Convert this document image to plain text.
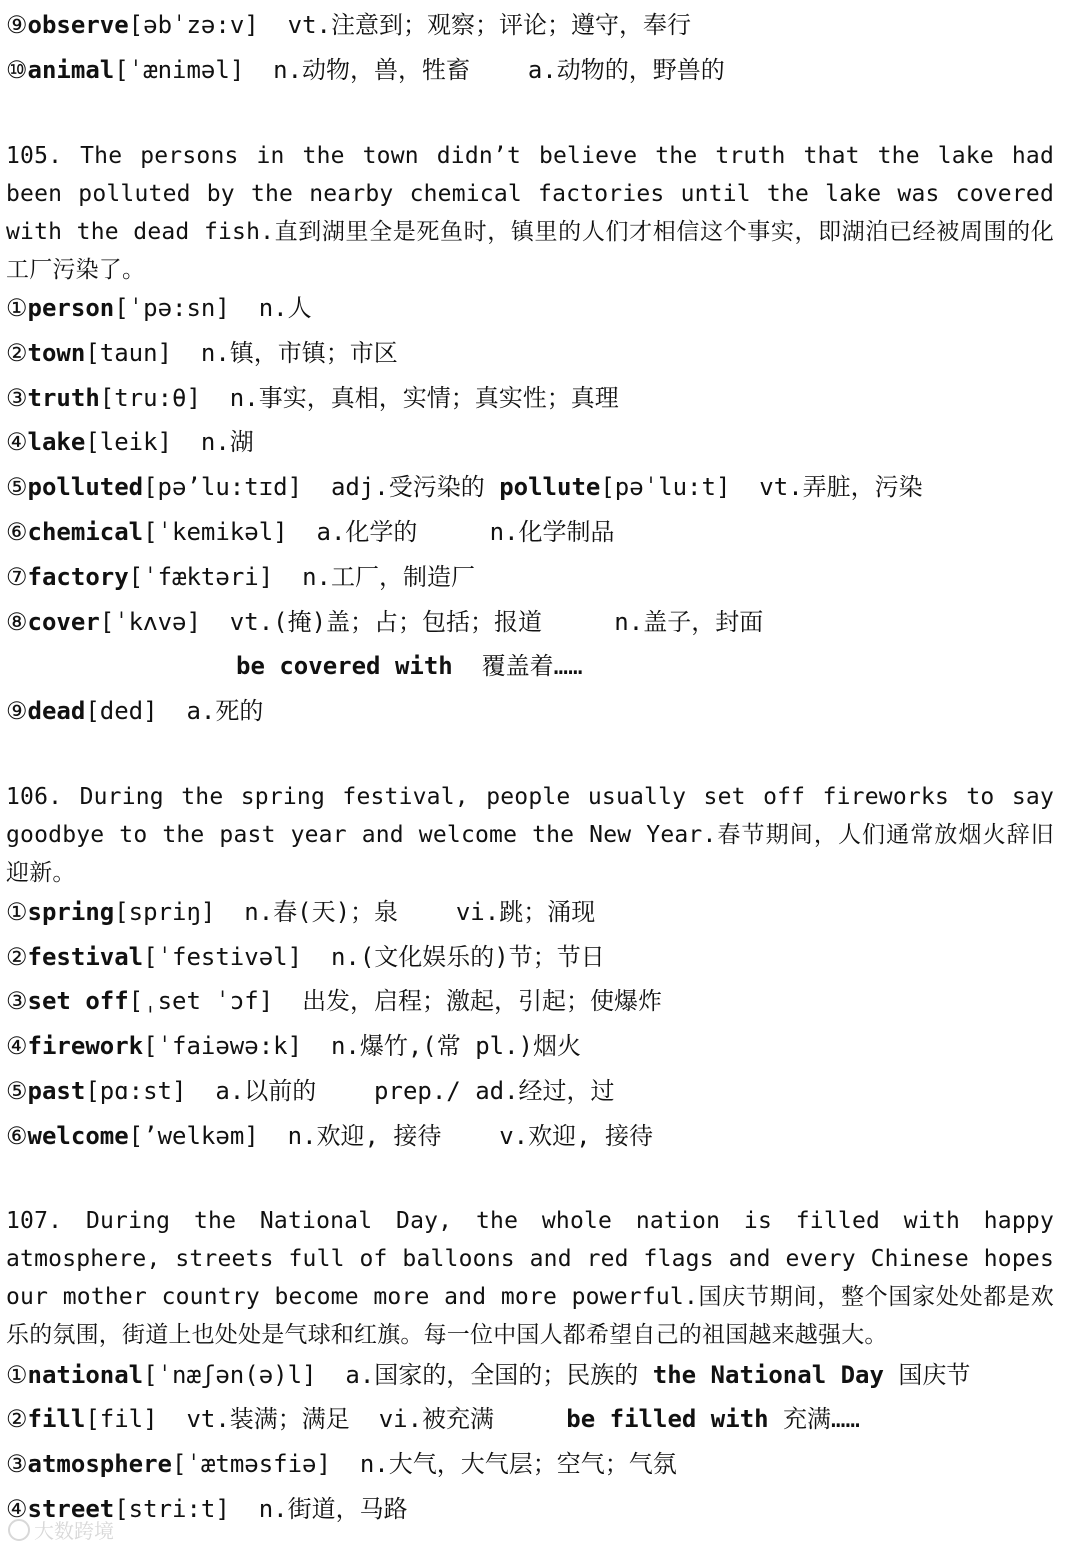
⑨observe[əbˈzə:v]  vt.注意到；观察；评论；遵守，奉行
⑩animal[ˈænimәl]  n.动物，兽，牲畜    a.动物的，野兽的
105. The persons in the town didn’t believe the truth that the lake had been polluted by the nearby chemical factories until the lake was covered with the dead fish.直到湖里全是死鱼时，镇里的人们才相信这个事实，即湖泊已经被周围的化工厂污染了。
①person[ˈpә:sn]  n.人
②town[taun]  n.镇，市镇；市区
③truth[tru:θ]  n.事实，真相，实情；真实性；真理
④lake[leik]  n.湖
⑤polluted[pә’lu:tɪd]  adj.受污染的 pollute[pәˈlu:t]  vt.弄脏，污染
⑥chemical[ˈkemikәl]  a.化学的     n.化学制品
⑦factory[ˈfæktәri]  n.工厂，制造厂
⑧cover[ˈkʌvә]  vt.(掩)盖；占；包括；报道     n.盖子，封面
be covered with  覆盖着……
⑨dead[ded]  a.死的
106. During the spring festival, people usually set off fireworks to say goodbye to the past year and welcome the New Year.春节期间，人们通常放烟火辞旧迎新。
①spring[spriŋ]  n.春(天)；泉    vi.跳；涌现
②festival[ˈfestivәl]  n.(文化娱乐的)节；节日
③set off[ˌset ˈɔf]  出发，启程；激起，引起；使爆炸
④firework[ˈfaiәwә:k]  n.爆竹,(常 pl.)烟火
⑤past[pɑ:st]  a.以前的    prep./ ad.经过，过
⑥welcome[’welkәm]  n.欢迎, 接待    v.欢迎, 接待
107. During the National Day, the whole nation is filled with happy atmosphere, streets full of balloons and red flags and every Chinese hopes our mother country become more and more powerful.国庆节期间，整个国家处处都是欢乐的氛围，街道上也处处是气球和红旗。每一位中国人都希望自己的祖国越来越强大。
①national[ˈnæʃәn(ә)l]  a.国家的，全国的；民族的 the National Day 国庆节
②fill[fil]  vt.装满；满足  vi.被充满     be filled with 充满……
③atmosphere[ˈætmәsfiә]  n.大气，大气层；空气；气氛
④street[stri:t]  n.街道，马路
大数跨境
